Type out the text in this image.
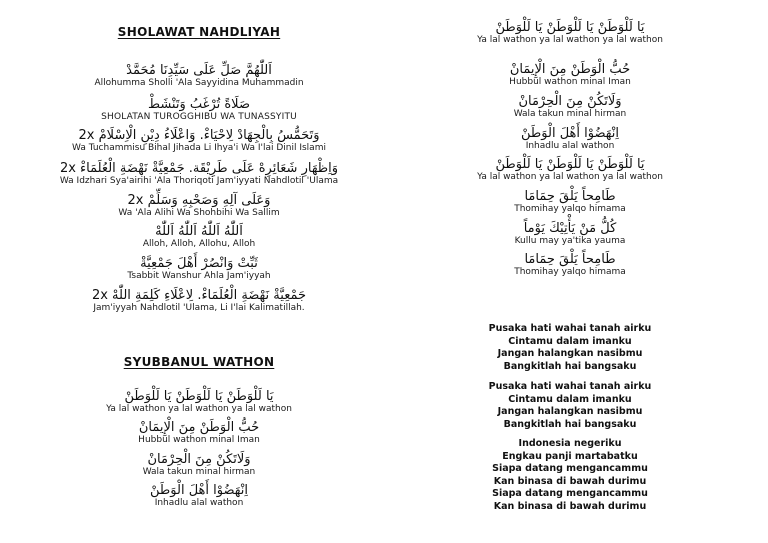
SHOLAWAT NAHDLIYAH
اَللّٰهُمَّ صَلِّ عَلَى سَيِّدِنَا مُحَمَّدْ
Allohumma Sholli 'Ala Sayyidina Muhammadin
صَلَاةً تُرْغَبُ وَتَنْشَطْ
SHOLATAN TUROGGHIBU WA TUNASSYITU
وَتَحَمُّسُ بِالْجِهَادْ لِاحْيَاءْ. وَاعْلَاءُ دِيْنِ الْاِسْلَامْ 2x
Wa Tuchammisu Bihal Jihada Li Ihya'i Wa I'lai Dinil Islami
وَاِظْهَارِ شَعَائِرِهْ عَلَى طَرِيْقَة. جَمْعِيَّةْ نَهْضَةِ الْعُلَمَاءْ 2x
Wa Idzhari Sya'airihi 'Ala Thoriqoti Jam'iyyati Nahdlotil 'Ulama
وَعَلَى آلِهِ وَصَحْبِهِ وَسَلِّمْ 2x
Wa 'Ala Alihi Wa Shohbihi Wa Sallim
اَللّٰهُ اَللّٰهُ اَللّٰهُ اَللّٰهْ
Alloh, Alloh, Allohu, Alloh
ثَبِّتْ وَانْصُرْ أَهْلَ جَمْعِيَّةْ
Tsabbit Wanshur Ahla Jam'iyyah
جَمْعِيَّةْ نَهْضَةِ الْعُلَمَاءْ. لِاعْلَاءِ كَلِمَةِ اللّٰهْ 2x
Jam'iyyah Nahdlotil 'Ulama, Li I'lai Kalimatillah.
SYUBBANUL WATHON
يَا لَلْوَطَنْ يَا لَلْوَطَنْ يَا لَلْوَطَنْ
Ya lal wathon ya lal wathon ya lal wathon
حُبُّ الْوَطَنْ مِنَ الْإِيمَانْ
Hubbul wathon minal Iman
وَلَاتَكُنْ مِنَ الْحِرْمَانْ
Wala takun minal hirman
اِنْهَضُوْا أَهْلَ الْوَطَنْ
Inhadlu alal wathon
يَا لَلْوَطَنْ يَا لَلْوَطَنْ يَا لَلْوَطَنْ
Ya lal wathon ya lal wathon ya lal wathon
حُبُّ الْوَطَنْ مِنَ الْإِيمَانْ
Hubbul wathon minal Iman
وَلَاتَكُنْ مِنَ الْحِرْمَانْ
Wala takun minal hirman
اِنْهَضُوْا أَهْلَ الْوَطَنْ
Inhadlu alal wathon
يَا لَلْوَطَنْ يَا لَلْوَطَنْ يَا لَلْوَطَنْ
Ya lal wathon ya lal wathon ya lal wathon
طَامِحاً يَلْقَ حِمَامَا
Thomihay yalqo himama
كُلُّ مَنْ يَأْتِيْكَ يَوْماً
Kullu may ya'tika yauma
طَامِحاً يَلْقَ حِمَامَا
Thomihay yalqo himama
Pusaka hati wahai tanah airku
Cintamu dalam imanku
Jangan halangkan nasibmu
Bangkitlah hai bangsaku
Pusaka hati wahai tanah airku
Cintamu dalam imanku
Jangan halangkan nasibmu
Bangkitlah hai bangsaku
Indonesia negeriku
Engkau panji martabatku
Siapa datang mengancammu
Kan binasa di bawah durimu
Siapa datang mengancammu
Kan binasa di bawah durimu
